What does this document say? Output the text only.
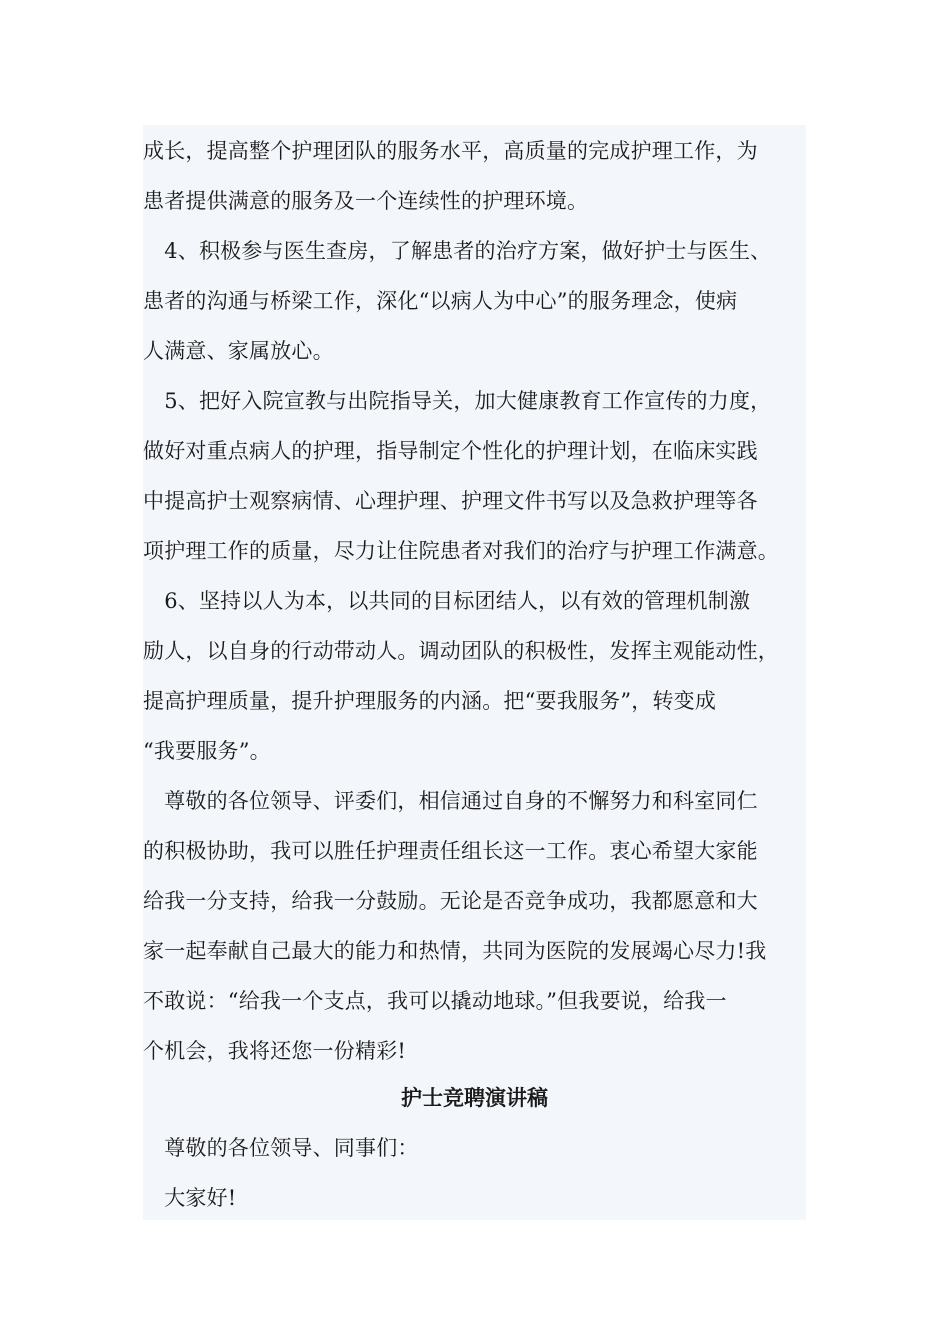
成长，提高整个护理团队的服务水平，高质量的完成护理工作，为
患者提供满意的服务及一个连续性的护理环境。
　4、积极参与医生查房，了解患者的治疗方案，做好护士与医生、
患者的沟通与桥梁工作，深化“以病人为中心”的服务理念，使病
人满意、家属放心。
　5、把好入院宣教与出院指导关，加大健康教育工作宣传的力度，
做好对重点病人的护理，指导制定个性化的护理计划，在临床实践
中提高护士观察病情、心理护理、护理文件书写以及急救护理等各
项护理工作的质量，尽力让住院患者对我们的治疗与护理工作满意。
　6、坚持以人为本，以共同的目标团结人，以有效的管理机制激
励人，以自身的行动带动人。调动团队的积极性，发挥主观能动性，
提高护理质量，提升护理服务的内涵。把“要我服务”，转变成
“我要服务”。
　尊敬的各位领导、评委们，相信通过自身的不懈努力和科室同仁
的积极协助，我可以胜任护理责任组长这一工作。衷心希望大家能
给我一分支持，给我一分鼓励。无论是否竞争成功，我都愿意和大
家一起奉献自己最大的能力和热情，共同为医院的发展竭心尽力!我
不敢说：“给我一个支点，我可以撬动地球。”但我要说，给我一
个机会，我将还您一份精彩!
护士竞聘演讲稿
　尊敬的各位领导、同事们：
　大家好!
